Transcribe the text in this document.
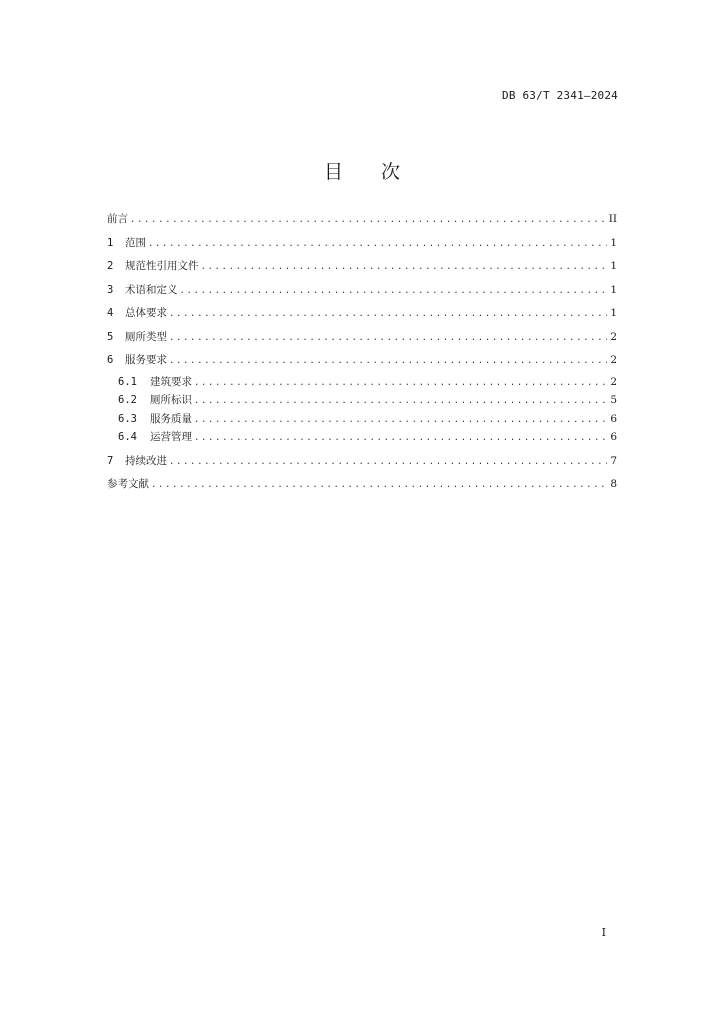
DB 63/T 2341—2024
目 次
前言 .....	II
1	范围 .....	1
2	规范性引用文件 .....	1
3	术语和定义 .....	1
4	总体要求 .....	1
5	厕所类型 .....	2
6	服务要求 .....	2
6.1	建筑要求 .....	2
6.2	厕所标识 .....	5
6.3	服务质量 .....	6
6.4	运营管理 .....	6
7	持续改进 .....	7
参考文献 .....	8
I
